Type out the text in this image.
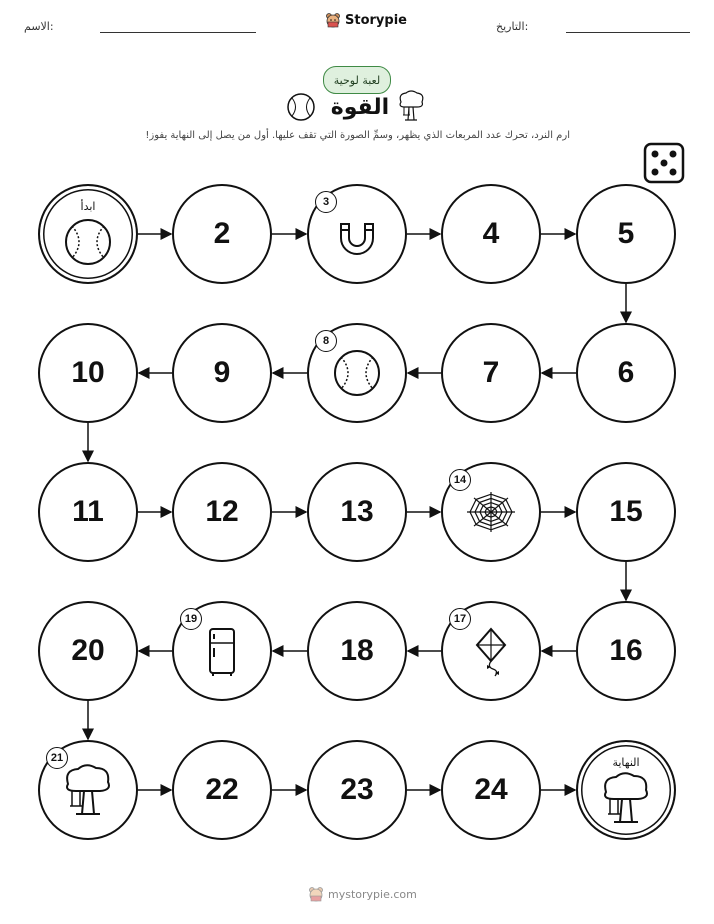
الاسم:	Storypie	التاريخ:
لعبة لوحية
القوة
ارم النرد، تحرك عدد المربعات الذي يظهر، وسمِّ الصورة التي تقف عليها. أول من يصل إلى النهاية يفوز!
ابدأ
2
3
4	5
6
7
8
9
10
11	12	13
14
15
16
17
18
19
20
21
22	23	24
النهاية
mystorypie.com
